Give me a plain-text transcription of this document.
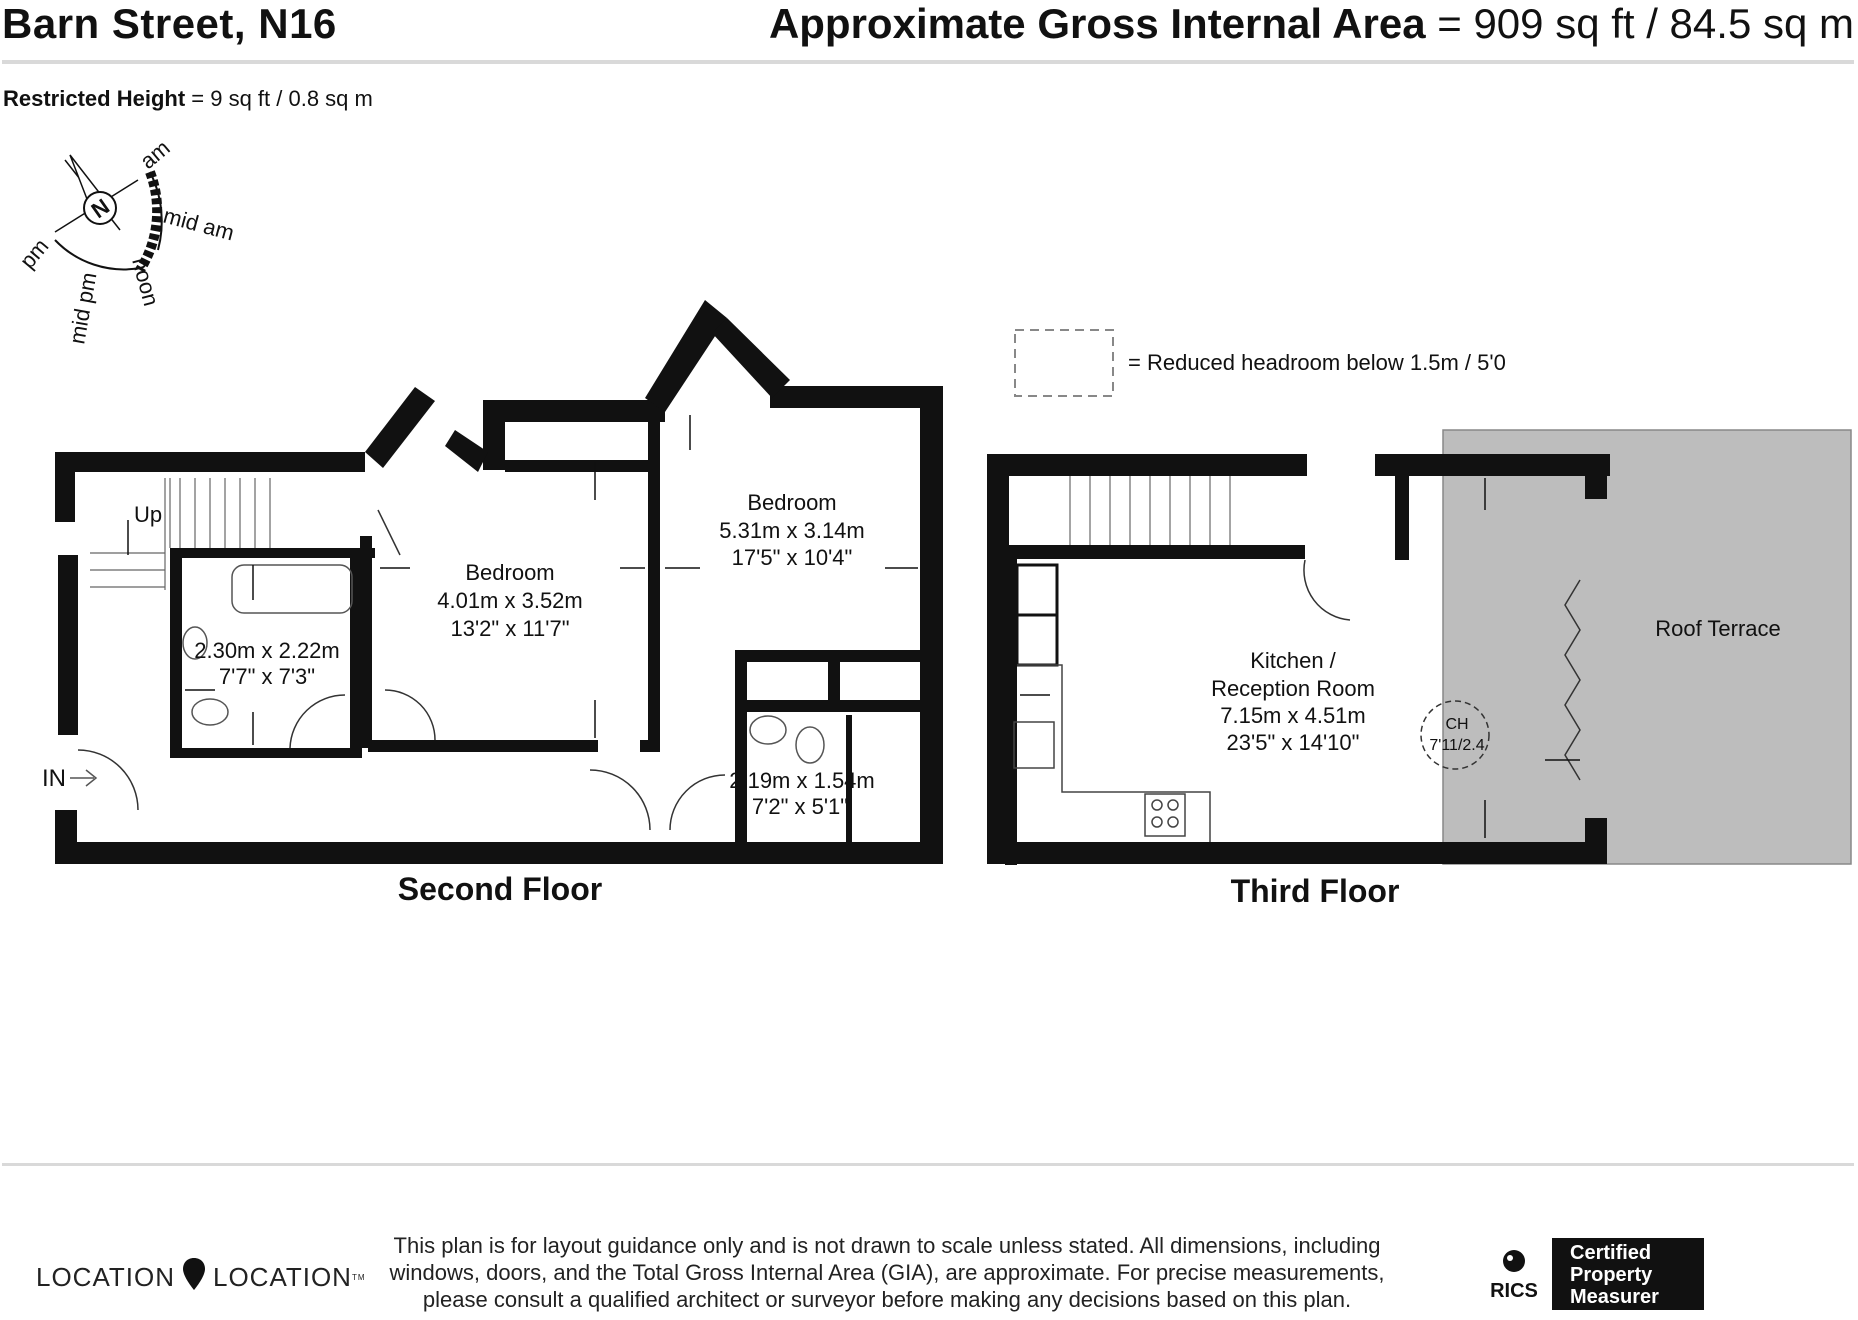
Barn Street, N16	Approximate Gross Internal Area = 909 sq ft / 84.5 sq m
Restricted Height = 9 sq ft / 0.8 sq m
N
am
mid am
noon
mid pm
pm
= Reduced headroom below 1.5m / 5'0
Up
IN
Bedroom
4.01m x 3.52m
13'2" x 11'7"
Bedroom
5.31m x 3.14m
17'5" x 10'4"
2.30m x 2.22m
7'7" x 7'3"
2.19m x 1.54m
7'2" x 5'1"
Second Floor
Kitchen /
Reception Room
7.15m x 4.51m
23'5" x 14'10"
CH
7'11/2.4
Roof Terrace
Third Floor
LOCATION LOCATION TM
This plan is for layout guidance only and is not drawn to scale unless stated. All dimensions, including windows, doors, and the Total Gross Internal Area (GIA), are approximate. For precise measurements, please consult a qualified architect or surveyor before making any decisions based on this plan.	RICS
Certified
Property
Measurer
